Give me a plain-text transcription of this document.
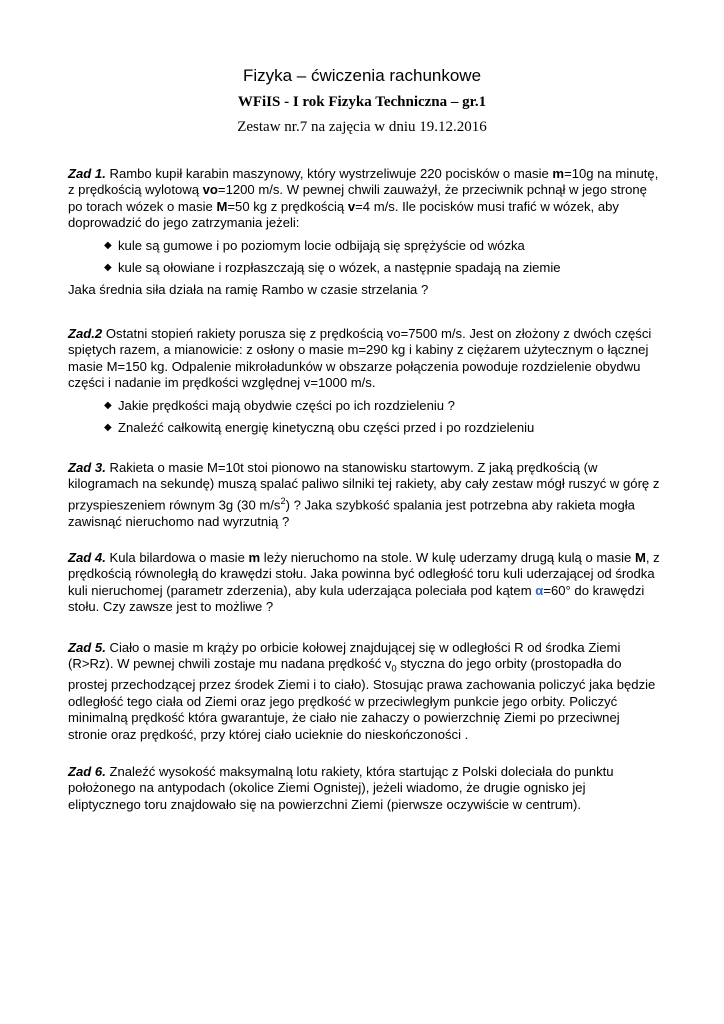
Fizyka – ćwiczenia rachunkowe
WFiIS - I rok Fizyka Techniczna – gr.1
Zestaw nr.7 na zajęcia w dniu 19.12.2016

Zad 1. Rambo kupił karabin maszynowy, który wystrzeliwuje 220 pocisków o masie m=10g na minutę, z prędkością wylotową vo=1200 m/s. W pewnej chwili zauważył, że przeciwnik pchnął w jego stronę po torach wózek o masie M=50 kg z prędkością v=4 m/s. Ile pocisków musi trafić w wózek, aby doprowadzić do jego zatrzymania jeżeli:

◆ kule są gumowe i po poziomym locie odbijają się sprężyście od wózka
◆ kule są ołowiane i rozpłaszczają się o wózek, a następnie spadają na ziemie

Jaka średnia siła działa na ramię Rambo w czasie strzelania ?

Zad.2 Ostatni stopień rakiety porusza się z prędkością vo=7500 m/s. Jest on złożony z dwóch części spiętych razem, a mianowicie: z osłony o masie m=290 kg i kabiny z ciężarem użytecznym o łącznej masie M=150 kg. Odpalenie mikroładunków w obszarze połączenia powoduje rozdzielenie obydwu części i nadanie im prędkości względnej v=1000 m/s.

◆ Jakie prędkości mają obydwie części po ich rozdzieleniu ?
◆ Znaleźć całkowitą energię kinetyczną obu części przed i po rozdzieleniu

Zad 3. Rakieta o masie M=10t stoi pionowo na stanowisku startowym. Z jaką prędkością (w kilogramach na sekundę) muszą spalać paliwo silniki tej rakiety, aby cały zestaw mógł ruszyć w górę z przyspieszeniem równym 3g (30 $m/s^2$) ? Jaka szybkość spalania jest potrzebna aby rakieta mogła zawisnąć nieruchomo nad wyrzutnią ?

Zad 4. Kula bilardowa o masie m leży nieruchomo na stole. W kulę uderzamy drugą kulą o masie M, z prędkością równoległą do krawędzi stołu. Jaka powinna być odległość toru kuli uderzającej od środka kuli nieruchomej (parametr zderzenia), aby kula uderzająca poleciała pod kątem α=60° do krawędzi stołu. Czy zawsze jest to możliwe ?

Zad 5. Ciało o masie m krąży po orbicie kołowej znajdującej się w odległości R od środka Ziemi (R>Rz). W pewnej chwili zostaje mu nadana prędkość $v_0$ styczna do jego orbity (prostopadła do prostej przechodzącej przez środek Ziemi i to ciało). Stosując prawa zachowania policzyć jaka będzie odległość tego ciała od Ziemi oraz jego prędkość w przeciwległym punkcie jego orbity. Policzyć minimalną prędkość która gwarantuje, że ciało nie zahaczy o powierzchnię Ziemi po przeciwnej stronie oraz prędkość, przy której ciało ucieknie do nieskończoności .

Zad 6. Znaleźć wysokość maksymalną lotu rakiety, która startując z Polski doleciała do punktu położonego na antypodach (okolice Ziemi Ognistej), jeżeli wiadomo, że drugie ognisko jej eliptycznego toru znajdowało się na powierzchni Ziemi (pierwsze oczywiście w centrum).
